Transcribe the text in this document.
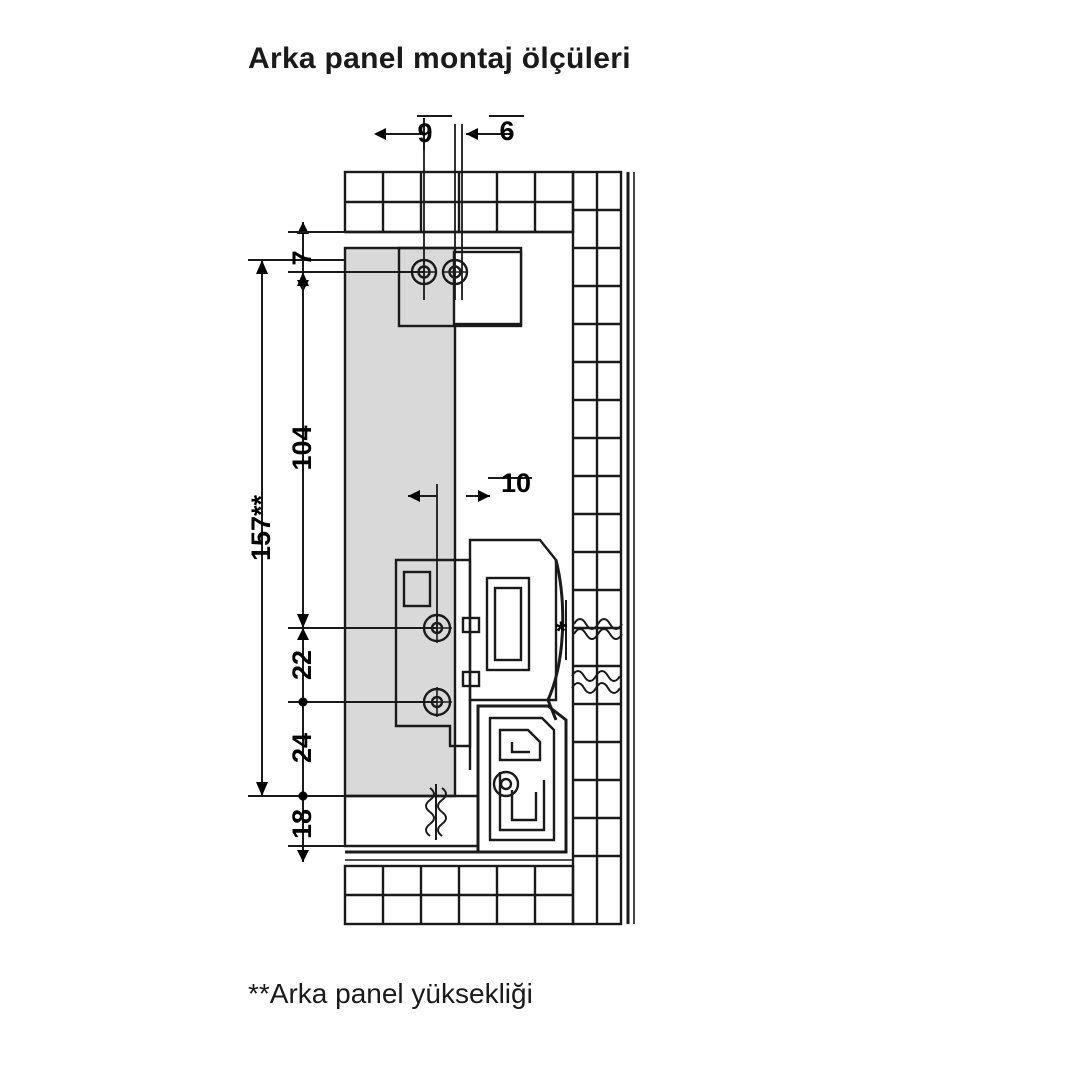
Arka panel montaj ölçüleri
9 6
7
157**
104
10
22
24
18
*
**Arka panel yüksekliği
